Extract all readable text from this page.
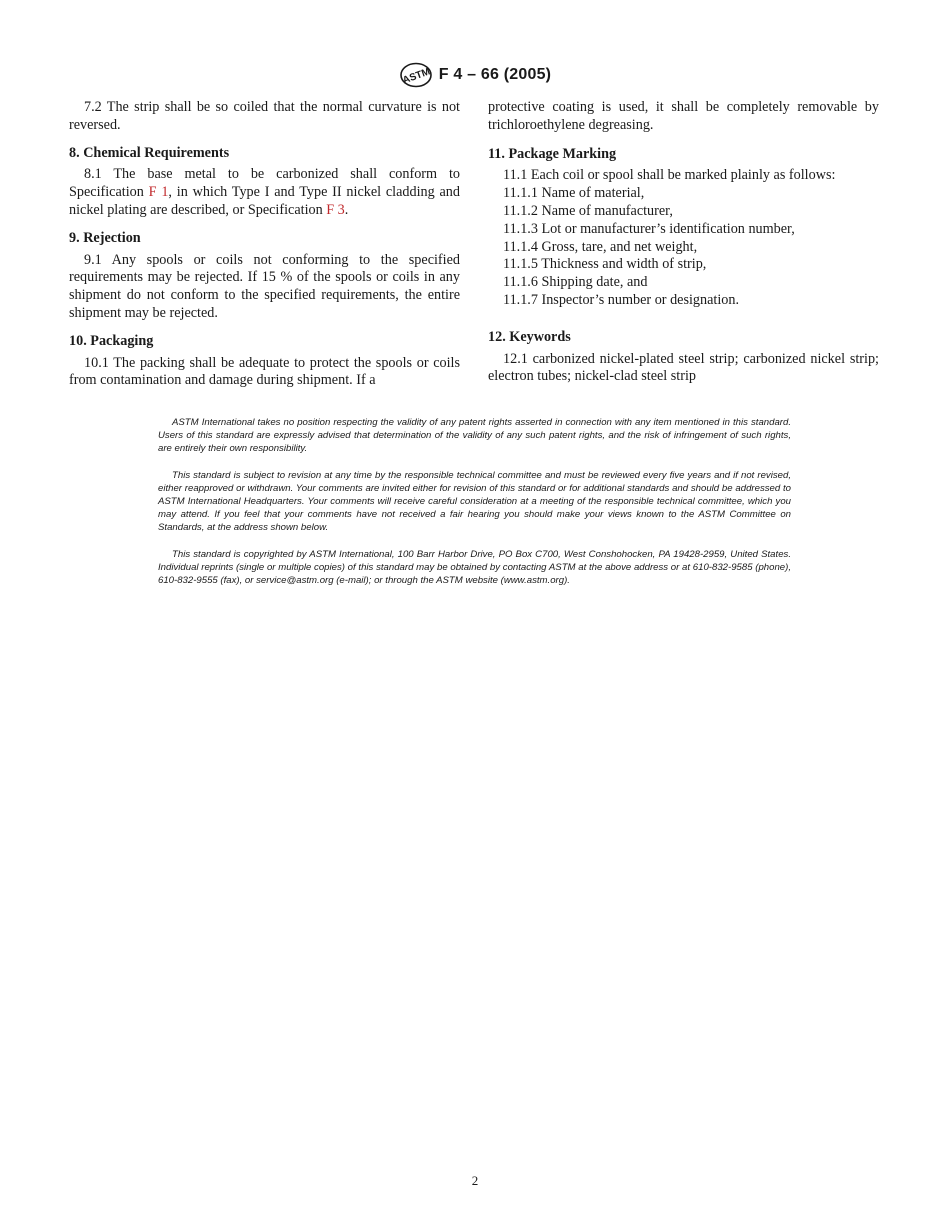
ASTM F 4 – 66 (2005)

7.2 The strip shall be so coiled that the normal curvature is not reversed.

8. Chemical Requirements

8.1 The base metal to be carbonized shall conform to Specification F 1, in which Type I and Type II nickel cladding and nickel plating are described, or Specification F 3.

9. Rejection

9.1 Any spools or coils not conforming to the specified requirements may be rejected. If 15 % of the spools or coils in any shipment do not conform to the specified requirements, the entire shipment may be rejected.

10. Packaging

10.1 The packing shall be adequate to protect the spools or coils from contamination and damage during shipment. If a

protective coating is used, it shall be completely removable by trichloroethylene degreasing.

11. Package Marking

11.1 Each coil or spool shall be marked plainly as follows:

11.1.1 Name of material,
11.1.2 Name of manufacturer,
11.1.3 Lot or manufacturer’s identification number,
11.1.4 Gross, tare, and net weight,
11.1.5 Thickness and width of strip,
11.1.6 Shipping date, and
11.1.7 Inspector’s number or designation.
12. Keywords

12.1 carbonized nickel-plated steel strip; carbonized nickel strip; electron tubes; nickel-clad steel strip

ASTM International takes no position respecting the validity of any patent rights asserted in connection with any item mentioned in this standard. Users of this standard are expressly advised that determination of the validity of any such patent rights, and the risk of infringement of such rights, are entirely their own responsibility.

This standard is subject to revision at any time by the responsible technical committee and must be reviewed every five years and if not revised, either reapproved or withdrawn. Your comments are invited either for revision of this standard or for additional standards and should be addressed to ASTM International Headquarters. Your comments will receive careful consideration at a meeting of the responsible technical committee, which you may attend. If you feel that your comments have not received a fair hearing you should make your views known to the ASTM Committee on Standards, at the address shown below.

This standard is copyrighted by ASTM International, 100 Barr Harbor Drive, PO Box C700, West Conshohocken, PA 19428-2959, United States. Individual reprints (single or multiple copies) of this standard may be obtained by contacting ASTM at the above address or at 610-832-9585 (phone), 610-832-9555 (fax), or service@astm.org (e-mail); or through the ASTM website (www.astm.org).

2
